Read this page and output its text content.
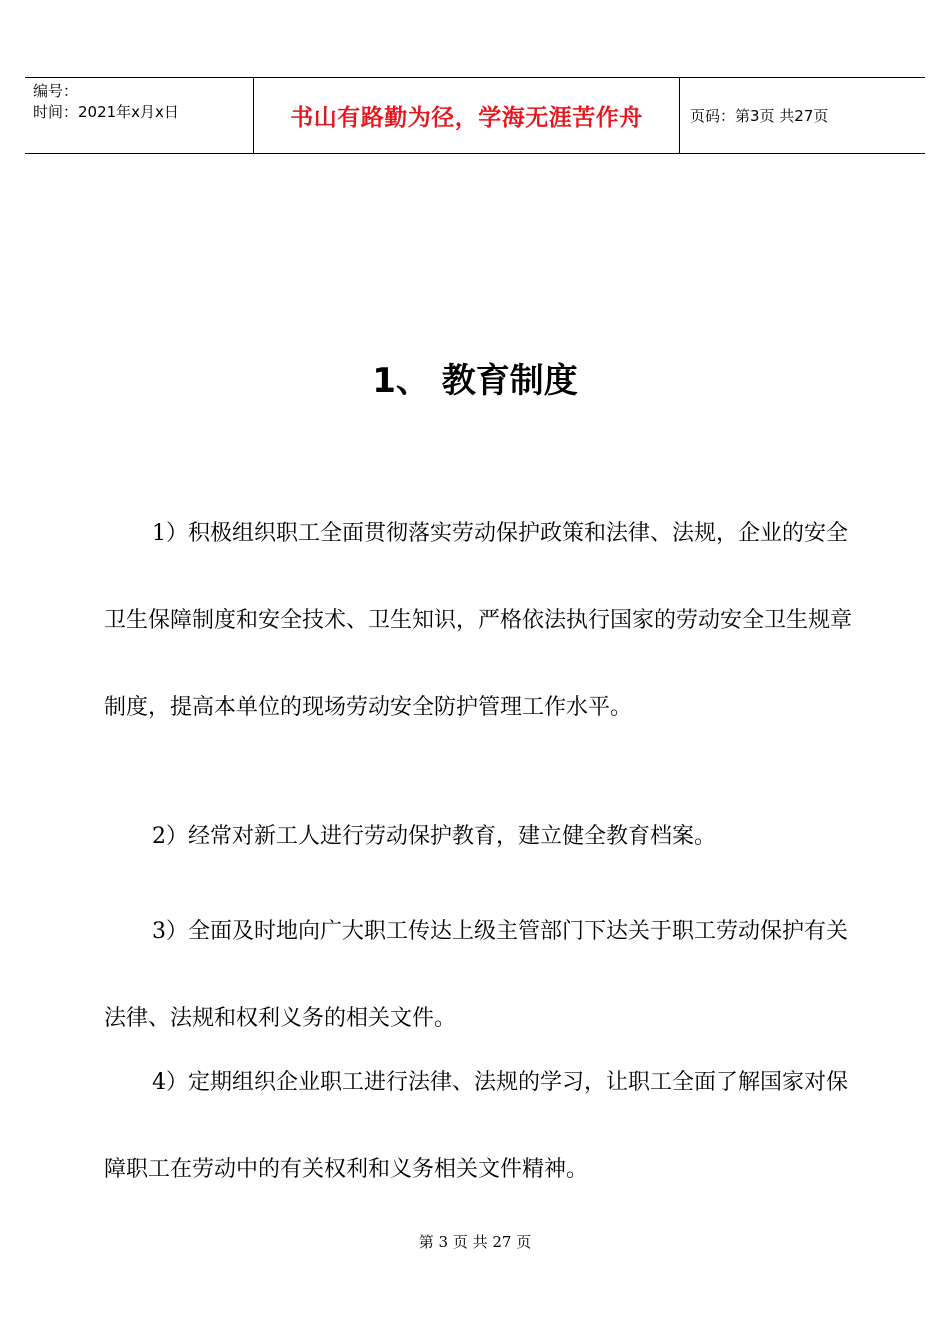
编号：
时间：2021年x月x日	书山有路勤为径，学海无涯苦作舟	页码：第3页 共27页
1、 教育制度

1）积极组织职工全面贯彻落实劳动保护政策和法律、法规，企业的安全卫生保障制度和安全技术、卫生知识，严格依法执行国家的劳动安全卫生规章制度，提高本单位的现场劳动安全防护管理工作水平。

2）经常对新工人进行劳动保护教育，建立健全教育档案。

3）全面及时地向广大职工传达上级主管部门下达关于职工劳动保护有关法律、法规和权利义务的相关文件。

4）定期组织企业职工进行法律、法规的学习，让职工全面了解国家对保障职工在劳动中的有关权利和义务相关文件精神。

第 3 页 共 27 页
